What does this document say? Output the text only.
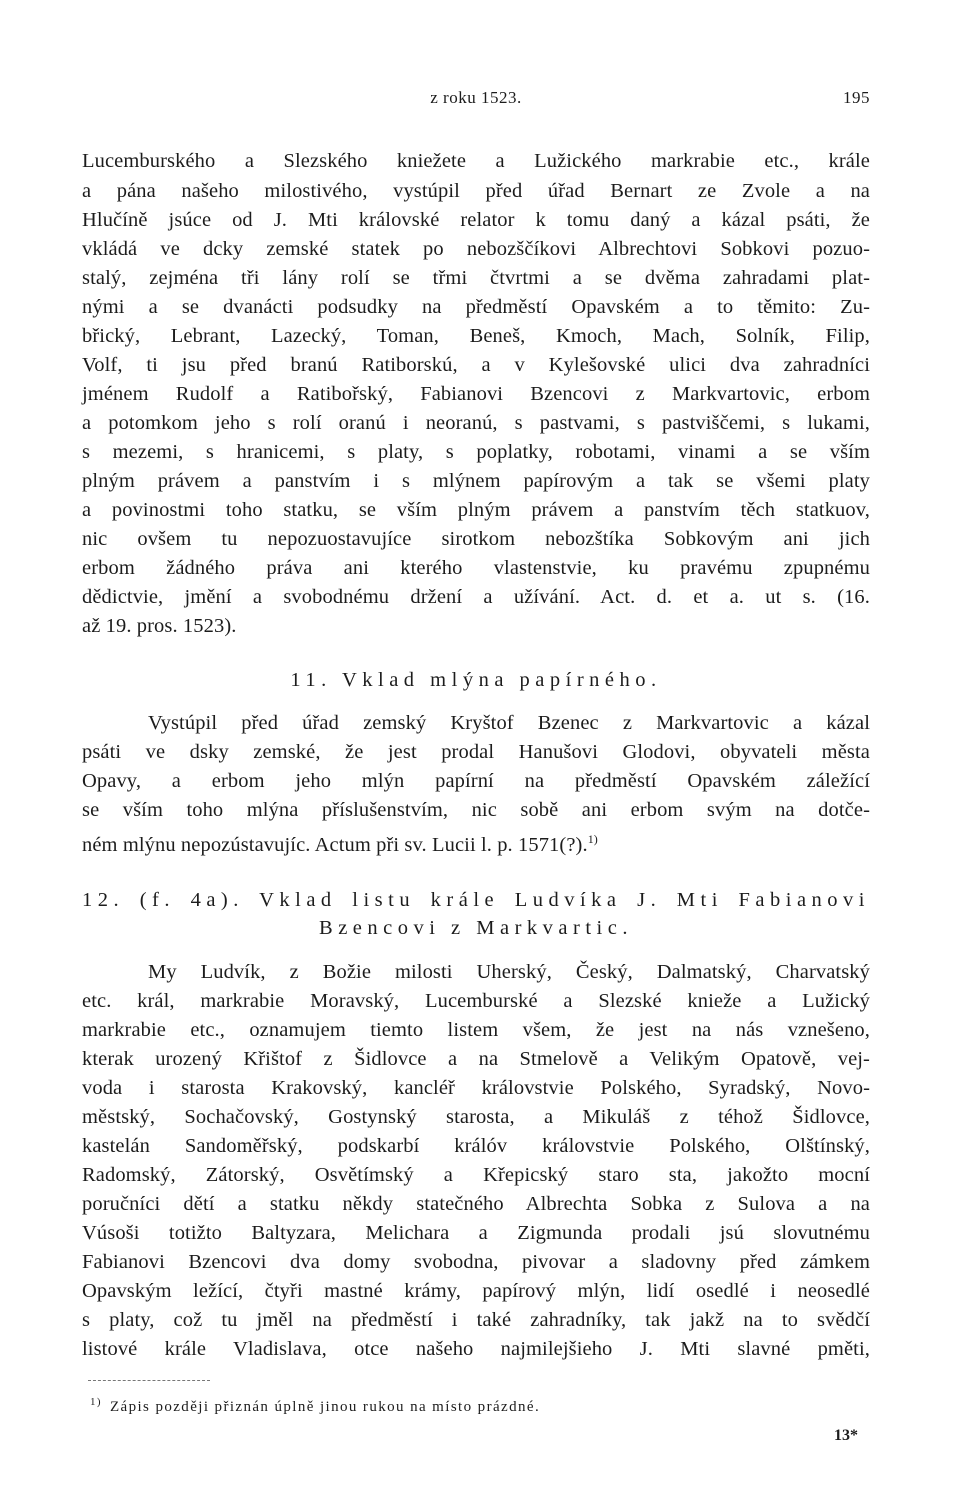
z roku 1523.	195
Lucemburského a Slezského kniežete a Lužického markrabie etc., krále
a pána našeho milostivého, vystúpil před úřad Bernart ze Zvole a na
Hlučíně jsúce od J. Mti královské relator k tomu daný a kázal psáti, že
vkládá ve dcky zemské statek po nebozščíkovi Albrechtovi Sobkovi pozuo-
stalý, zejména tři lány rolí se třmi čtvrtmi a se dvěma zahradami plat-
nými a se dvanácti podsudky na předměstí Opavském a to těmito: Zu-
břický, Lebrant, Lazecký, Toman, Beneš, Kmoch, Mach, Solník, Filip,
Volf, ti jsu před branú Ratiborskú, a v Kylešovské ulici dva zahradníci
jménem Rudolf a Ratibořský, Fabianovi Bzencovi z Markvartovic, erbom
a potomkom jeho s rolí oranú i neoranú, s pastvami, s pastviščemi, s lukami,
s mezemi, s hranicemi, s platy, s poplatky, robotami, vinami a se vším
plným právem a panstvím i s mlýnem papírovým a tak se všemi platy
a povinostmi toho statku, se vším plným právem a panstvím těch statkuov,
nic ovšem tu nepozuostavujíce sirotkom nebozštíka Sobkovým ani jich
erbom žádného práva ani kterého vlastenstvie, ku pravému zpupnému
dědictvie, jmění a svobodnému držení a užívání. Act. d. et a. ut s. (16.
až 19. pros. 1523).
11. Vklad mlýna papírného.
Vystúpil před úřad zemský Kryštof Bzenec z Markvartovic a kázal
psáti ve dsky zemské, že jest prodal Hanušovi Glodovi, obyvateli města
Opavy, a erbom jeho mlýn papírní na předměstí Opavském záležící
se vším toho mlýna příslušenstvím, nic sobě ani erbom svým na dotče-
ném mlýnu nepozústavujíc. Actum při sv. Lucii l. p. 1571(?).$^{1)}$
12. (f. 4a). Vklad listu krále Ludvíka J. Mti Fabianovi
Bzencovi z Markvartic.
My Ludvík, z Božie milosti Uherský, Český, Dalmatský, Charvatský
etc. král, markrabie Moravský, Lucemburské a Slezské knieže a Lužický
markrabie etc., oznamujem tiemto listem všem, že jest na nás vznešeno,
kterak urozený Křištof z Šidlovce a na Stmelově a Velikým Opatově, vej-
voda i starosta Krakovský, kancléř královstvie Polského, Syradský, Novo-
městský, Sochačovský, Gostynský starosta, a Mikuláš z téhož Šidlovce,
kastelán Sandoměřský, podskarbí králóv královstvie Polského, Olštínský,
Radomský, Zátorský, Osvětímský a Křepicský staro sta, jakožto mocní
poručníci dětí a statku někdy statečného Albrechta Sobka z Sulova a na
Vúsoši totižto Baltyzara, Melichara a Zigmunda prodali jsú slovutnému
Fabianovi Bzencovi dva domy svobodna, pivovar a sladovny před zámkem
Opavským ležící, čtyři mastné krámy, papírový mlýn, lidí osedlé i neosedlé
s platy, což tu jměl na předměstí i také zahradníky, tak jakž na to svědčí
listové krále Vladislava, otce našeho najmilejšieho J. Mti slavné pměti,
$^{1)}$ Zápis později přiznán úplně jinou rukou na místo prázdné.
13*
